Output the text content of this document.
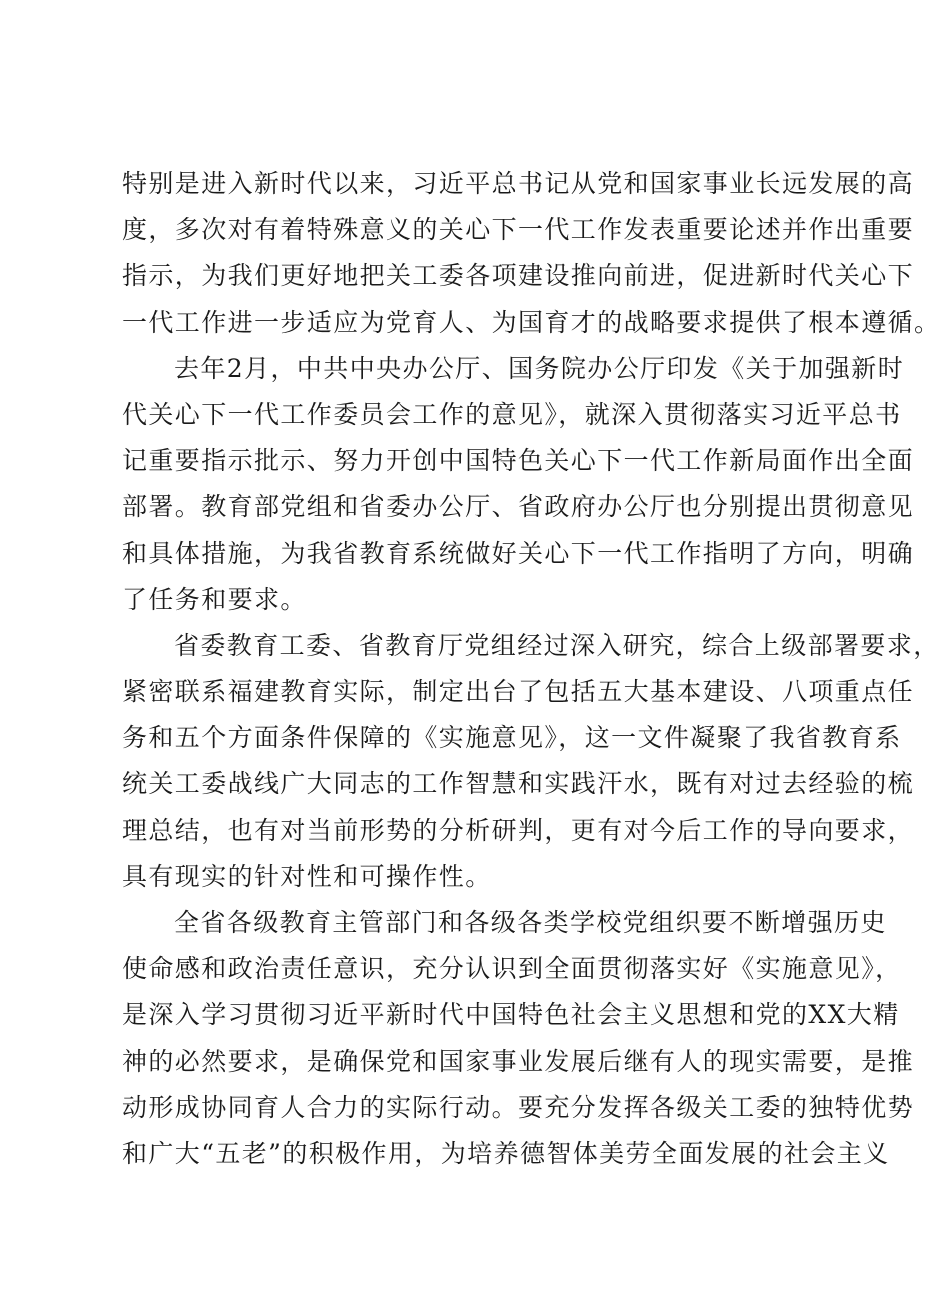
特别是进入新时代以来，习近平总书记从党和国家事业长远发展的高
度，多次对有着特殊意义的关心下一代工作发表重要论述并作出重要
指示，为我们更好地把关工委各项建设推向前进，促进新时代关心下
一代工作进一步适应为党育人、为国育才的战略要求提供了根本遵循。
去年2月，中共中央办公厅、国务院办公厅印发《关于加强新时
代关心下一代工作委员会工作的意见》，就深入贯彻落实习近平总书
记重要指示批示、努力开创中国特色关心下一代工作新局面作出全面
部署。教育部党组和省委办公厅、省政府办公厅也分别提出贯彻意见
和具体措施，为我省教育系统做好关心下一代工作指明了方向，明确
了任务和要求。
省委教育工委、省教育厅党组经过深入研究，综合上级部署要求，
紧密联系福建教育实际，制定出台了包括五大基本建设、八项重点任
务和五个方面条件保障的《实施意见》，这一文件凝聚了我省教育系
统关工委战线广大同志的工作智慧和实践汗水，既有对过去经验的梳
理总结，也有对当前形势的分析研判，更有对今后工作的导向要求，
具有现实的针对性和可操作性。
全省各级教育主管部门和各级各类学校党组织要不断增强历史
使命感和政治责任意识，充分认识到全面贯彻落实好《实施意见》，
是深入学习贯彻习近平新时代中国特色社会主义思想和党的XX大精
神的必然要求，是确保党和国家事业发展后继有人的现实需要，是推
动形成协同育人合力的实际行动。要充分发挥各级关工委的独特优势
和广大“五老”的积极作用，为培养德智体美劳全面发展的社会主义
